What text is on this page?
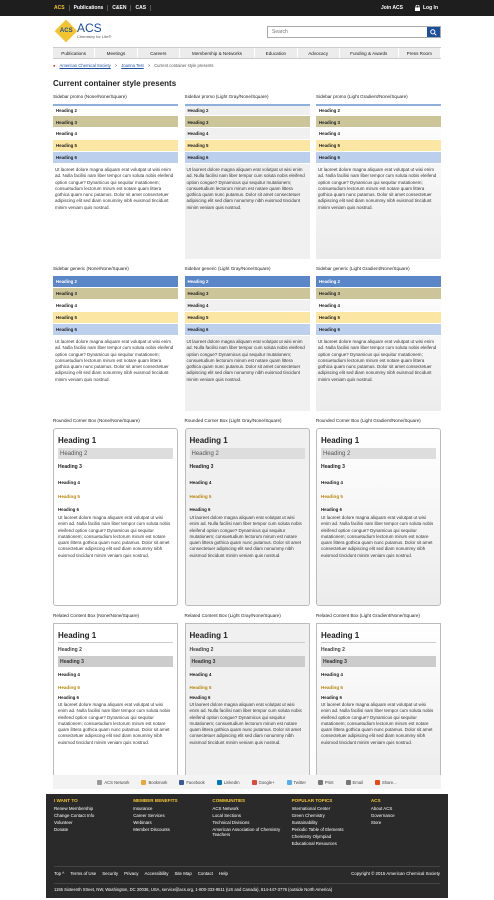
ACS	Publications	C&EN	CAS	Join ACS	Log In
ACS ACS
Chemistry for Life®
Search
Publications	Meetings	Careers	Membership & Networks	Education	Advocacy	Funding & Awards	Press Room
● American Chemical Society > Joanna Test > Current container style presents
Current container style presents
Sidebar promo (None/None/Square)
Heading 2
Heading 3
Heading 4
Heading 5
Heading 6
Ut laoreet dolore magna aliquam erat volutpat ut wisi enim ad. Nulla facilisi nam liber tempor cum soluta nobis eleifend option congue? Dynamicus qui sequitur mutationem; consuetudium lectorum mirum est notare quam littera gothica quam nunc putamus. Dolor sit amet consectetuer adipiscing elit sed diam nonummy nibh euismod tincidunt minim veniam quis nostrud.
Sidebar generic (None/None/Square)
Heading 2
Heading 3
Heading 4
Heading 5
Heading 6
Ut laoreet dolore magna aliquam erat volutpat ut wisi enim ad. Nulla facilisi nam liber tempor cum soluta nobis eleifend option congue? Dynamicus qui sequitur mutationem; consuetudium lectorum mirum est notare quam littera gothica quam nunc putamus. Dolor sit amet consectetuer adipiscing elit sed diam nonummy nibh euismod tincidunt minim veniam quis nostrud.
Rounded Corner Box (None/None/Square)
Heading 1
Heading 2
Heading 3
Heading 4
Heading 5
Heading 6
Ut laoreet dolore magna aliquam erat volutpat ut wisi enim ad. Nulla facilisi nam liber tempor cum soluta nobis eleifend option congue? Dynamicus qui sequitur mutationem; consuetudium lectorum mirum est notare quam littera gothica quam nunc putamus. Dolor sit amet consectetuer adipiscing elit sed diam nonummy nibh euismod tincidunt minim veniam quis nostrud.
Related Content Box (None/None/Square)
Heading 1
Heading 2
Heading 3
Heading 4
Heading 5
Heading 6
Ut laoreet dolore magna aliquam erat volutpat ut wisi enim ad. Nulla facilisi nam liber tempor cum soluta nobis eleifend option congue? Dynamicus qui sequitur mutationem; consuetudium lectorum mirum est notare quam littera gothica quam nunc putamus. Dolor sit amet consectetuer adipiscing elit sed diam nonummy nibh euismod tincidunt minim veniam quis nostrud.
Sidebar promo (Light Gray/None/Square)
Heading 2
Heading 3
Heading 4
Heading 5
Heading 6
Ut laoreet dolore magna aliquam erat volutpat ut wisi enim ad. Nulla facilisi nam liber tempor cum soluta nobis eleifend option congue? Dynamicus qui sequitur mutationem; consuetudium lectorum mirum est notare quam littera gothica quam nunc putamus. Dolor sit amet consectetuer adipiscing elit sed diam nonummy nibh euismod tincidunt minim veniam quis nostrud.
Sidebar generic (Light Gray/None/Square)
Heading 2
Heading 3
Heading 4
Heading 5
Heading 6
Ut laoreet dolore magna aliquam erat volutpat ut wisi enim ad. Nulla facilisi nam liber tempor cum soluta nobis eleifend option congue? Dynamicus qui sequitur mutationem; consuetudium lectorum mirum est notare quam littera gothica quam nunc putamus. Dolor sit amet consectetuer adipiscing elit sed diam nonummy nibh euismod tincidunt minim veniam quis nostrud.
Rounded Corner Box (Light Gray/None/Square)
Heading 1
Heading 2
Heading 3
Heading 4
Heading 5
Heading 6
Ut laoreet dolore magna aliquam erat volutpat ut wisi enim ad. Nulla facilisi nam liber tempor cum soluta nobis eleifend option congue? Dynamicus qui sequitur mutationem; consuetudium lectorum mirum est notare quam littera gothica quam nunc putamus. Dolor sit amet consectetuer adipiscing elit sed diam nonummy nibh euismod tincidunt minim veniam quis nostrud.
Related Content Box (Light Gray/None/Square)
Heading 1
Heading 2
Heading 3
Heading 4
Heading 5
Heading 6
Ut laoreet dolore magna aliquam erat volutpat ut wisi enim ad. Nulla facilisi nam liber tempor cum soluta nobis eleifend option congue? Dynamicus qui sequitur mutationem; consuetudium lectorum mirum est notare quam littera gothica quam nunc putamus. Dolor sit amet consectetuer adipiscing elit sed diam nonummy nibh euismod tincidunt minim veniam quis nostrud.
Sidebar promo (Light Gradient/None/Square)
Heading 2
Heading 3
Heading 4
Heading 5
Heading 6
Ut laoreet dolore magna aliquam erat volutpat ut wisi enim ad. Nulla facilisi nam liber tempor cum soluta nobis eleifend option congue? Dynamicus qui sequitur mutationem; consuetudium lectorum mirum est notare quam littera gothica quam nunc putamus. Dolor sit amet consectetuer adipiscing elit sed diam nonummy nibh euismod tincidunt minim veniam quis nostrud.
Sidebar generic (Light Gradient/None/Square)
Heading 2
Heading 3
Heading 4
Heading 5
Heading 6
Ut laoreet dolore magna aliquam erat volutpat ut wisi enim ad. Nulla facilisi nam liber tempor cum soluta nobis eleifend option congue? Dynamicus qui sequitur mutationem; consuetudium lectorum mirum est notare quam littera gothica quam nunc putamus. Dolor sit amet consectetuer adipiscing elit sed diam nonummy nibh euismod tincidunt minim veniam quis nostrud.
Rounded Corner Box (Light Gradient/None/Square)
Heading 1
Heading 2
Heading 3
Heading 4
Heading 5
Heading 6
Ut laoreet dolore magna aliquam erat volutpat ut wisi enim ad. Nulla facilisi nam liber tempor cum soluta nobis eleifend option congue? Dynamicus qui sequitur mutationem; consuetudium lectorum mirum est notare quam littera gothica quam nunc putamus. Dolor sit amet consectetuer adipiscing elit sed diam nonummy nibh euismod tincidunt minim veniam quis nostrud.
Related Content Box (Light Gradient/None/Square)
Heading 1
Heading 2
Heading 3
Heading 4
Heading 5
Heading 6
Ut laoreet dolore magna aliquam erat volutpat ut wisi enim ad. Nulla facilisi nam liber tempor cum soluta nobis eleifend option congue? Dynamicus qui sequitur mutationem; consuetudium lectorum mirum est notare quam littera gothica quam nunc putamus. Dolor sit amet consectetuer adipiscing elit sed diam nonummy nibh euismod tincidunt minim veniam quis nostrud.
ACS Network	Bookmark	Facebook	LinkedIn	Google+	Twitter	Print	Email	Share...
I WANT TO
Renew Membership
Change Contact Info
Volunteer
Donate
MEMBER BENEFITS
Insurance
Career Services
Webinars
Member Discounts
COMMUNITIES
ACS Network
Local Sections
Technical Divisions
American Association of Chemistry Teachers
POPULAR TOPICS
International Center
Green Chemistry
Sustainability
Periodic Table of Elements
Chemistry Olympiad
Educational Resources
ACS
About ACS
Governance
Store
Top ^ Terms of Use Security Privacy Accessibility Site Map Contact Help	Copyright © 2015 American Chemical Society
1155 Sixteenth Street, NW, Washington, DC 20036, USA, service@acs.org, 1-800-333-9511 (US and Canada), 614-447-3776 (outside North America)
